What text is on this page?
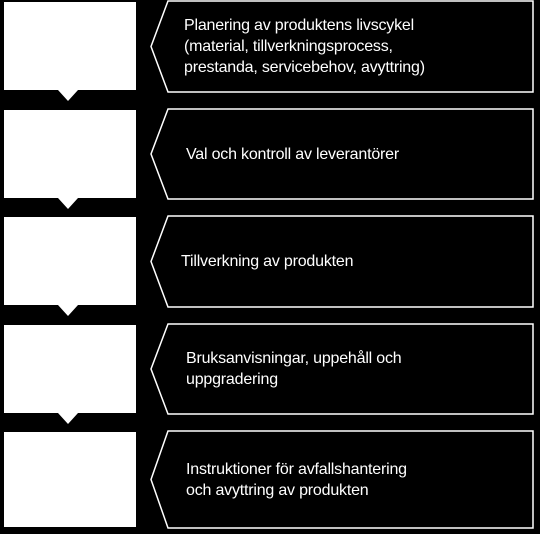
Planering av produktens livscykel
(material, tillverkningsprocess,
prestanda, servicebehov, avyttring)
Val och kontroll av leverantörer
Tillverkning av produkten
Bruksanvisningar, uppehåll och
uppgradering
Instruktioner för avfallshantering
och avyttring av produkten
